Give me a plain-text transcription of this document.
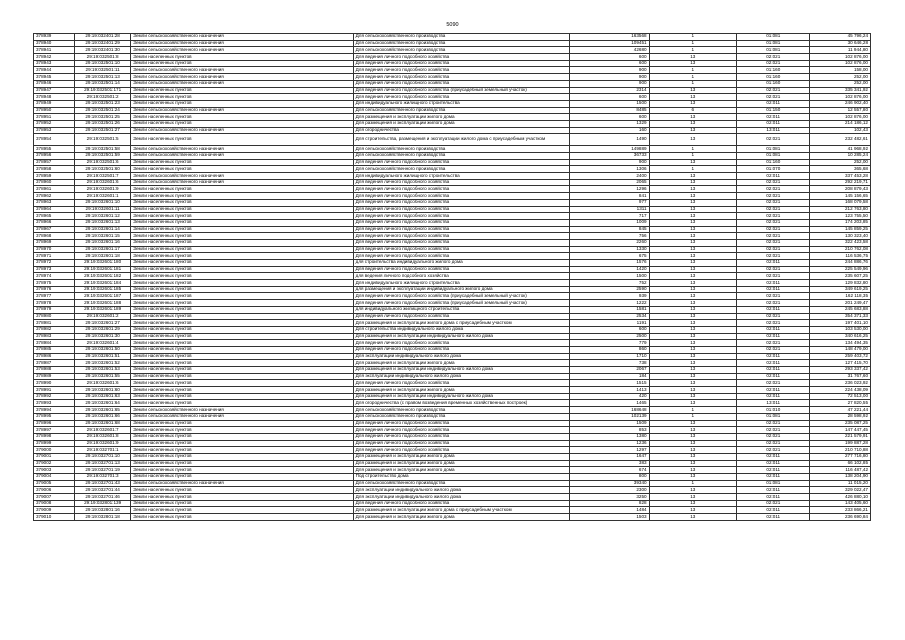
5090
378939	29:19:032401:28	Земли сельскохозяйственного назначения	Для сельскохозяйственного производства	163568	1	01:081	45 796,24
378940	29:19:032401:29	Земли сельскохозяйственного назначения	Для сельскохозяйственного производства	109451	1	01:081	30 646,28
378941	29:19:032401:30	Земли сельскохозяйственного назначения	Для сельскохозяйственного производства	42680	1	01:081	11 944,80
378942	29:19:032501:8	Земли населенных пунктов	Для ведения личного подсобного хозяйства	600	13	02:021	102 876,00
378943	29:19:032501:10	Земли населенных пунктов	Для ведения личного подсобного хозяйства	600	13	02:021	102 876,00
378944	29:19:032501:11	Земли сельскохозяйственного назначения	Для ведения личного подсобного хозяйства	900	1	01:160	158,00
378945	29:19:032501:13	Земли сельскохозяйственного назначения	Для ведения личного подсобного хозяйства	900	1	01:160	252,00
378946	29:19:032501:14	Земли сельскохозяйственного назначения	Для ведения личного подсобного хозяйства	900	1	01:160	252,00
378947	29:19:032501:171	Земли населенных пунктов	Для ведения личного подсобного хозяйства (приусадебный земельный участок)	2314	13	02:021	335 341,92
378948	29:19:032501:2	Земли населенных пунктов	Для ведения личного подсобного хозяйства	600	13	02:021	102 876,00
378949	29:19:032501:23	Земли населенных пунктов	Для индивидуального жилищного строительства	1500	13	02:011	246 902,40
378950	29:19:032501:24	Земли сельскохозяйственного назначения	Для сельскохозяйственного производства	8485	6	01:150	12 557,80
378951	29:19:032501:25	Земли населенных пунктов	Для размещения и эксплуатации жилого дома	600	13	02:011	102 876,00
378952	29:19:032501:26	Земли населенных пунктов	Для размещения и эксплуатации жилого дома	1329	13	02:011	214 186,12
378953	29:19:032501:27	Земли сельскохозяйственного назначения	Для огородничества	160	13	13:011	102,43
378954	29:19:032501:5	Земли населенных пунктов	Для строительства, размещения и эксплуатации жилого дома с приусадебным участком	1490	13	02:021	232 482,61
378955	29:19:032501:58	Земли сельскохозяйственного назначения	Для сельскохозяйственного производства	149889	1	01:081	41 968,92
378956	29:19:032501:59	Земли сельскохозяйственного назначения	Для сельскохозяйственного производства	36733	1	01:081	10 285,24
378957	29:19:032501:6	Земли населенных пунктов	Для ведения личного подсобного хозяйства	900	13	01:160	252,00
378958	29:19:032501:60	Земли населенных пунктов	Для сельскохозяйственного производства	1306	1	01:070	365,68
378959	29:19:032501:7	Земли сельскохозяйственного назначения	Для индивидуального жилищного строительства	2400	13	02:011	337 453,28
378960	29:19:032601:6	Земли сельскохозяйственного назначения	Для ведения личного подсобного хозяйства	2065	13	02:021	292 219,71
378961	29:19:032601:9	Земли населенных пунктов	Для ведения личного подсобного хозяйства	1296	13	02:021	208 879,43
378962	29:19:032601:1	Земли населенных пунктов	Для ведения личного подсобного хозяйства	841	13	02:021	145 156,65
378963	29:19:032601:10	Земли населенных пунктов	Для ведения личного подсобного хозяйства	977	13	02:021	168 079,58
378964	29:19:032601:11	Земли населенных пунктов	Для ведения личного подсобного хозяйства	1311	13	02:021	212 763,80
378965	29:19:032601:12	Земли населенных пунктов	Для ведения личного подсобного хозяйства	717	13	02:021	123 755,50
378966	29:19:032601:13	Земли населенных пунктов	Для ведения личного подсобного хозяйства	1009	13	02:021	174 203,85
378967	29:19:032601:14	Земли населенных пунктов	Для ведения личного подсобного хозяйства	845	13	02:021	145 859,25
378968	29:19:032601:15	Земли населенных пунктов	Для ведения личного подсобного хозяйства	756	13	02:021	130 323,40
378969	29:19:032601:16	Земли населенных пунктов	Для ведения личного подсобного хозяйства	2260	13	02:021	322 423,58
378970	29:19:032601:17	Земли населенных пунктов	Для ведения личного подсобного хозяйства	1330	13	02:021	210 762,08
378971	29:19:032601:18	Земли населенных пунктов	Для ведения личного подсобного хозяйства	675	13	02:021	116 536,75
378972	29:19:032601:180	Земли населенных пунктов	для строительства индивидуального жилого дома	1576	13	02:011	244 886,76
378973	29:19:032601:181	Земли населенных пунктов	Для ведения личного подсобного хозяйства	1420	13	02:021	225 549,96
378974	29:19:032601:182	Земли населенных пунктов	для ведения личного подсобного хозяйства	1500	13	02:021	235 607,25
378975	29:19:032601:184	Земли населенных пунктов	Для индивидуального жилищного строительства	752	13	02:011	129 832,80
378976	29:19:032601:185	Земли населенных пунктов	для размещения и эксплуатации индивидуального жилого дома	2590	13	02:011	349 619,25
378977	29:19:032601:187	Земли населенных пунктов	Для ведения личного подсобного хозяйства (приусадебный земельный участок)	939	13	02:021	162 118,35
378978	29:19:032601:188	Земли населенных пунктов	Для ведения личного подсобного хозяйства (приусадебный земельный участок)	1222	13	02:021	201 249,47
378979	29:19:032601:189	Земли населенных пунктов	для индивидуального жилищного строительства	1581	13	02:011	245 683,88
378980	29:19:032601:2	Земли населенных пунктов	Для ведения личного подсобного хозяйства	2534	13	02:021	354 371,33
378981	29:19:032601:27	Земли населенных пунктов	Для размещения и эксплуатации жилого дома с приусадебным участком	1191	13	02:021	197 401,10
378982	29:19:032601:29	Земли населенных пунктов	Для строительства индивидуального жилого дома	600	13	02:011	103 530,00
378983	29:19:032601:30	Земли населенных пунктов	Для размещения и эксплуатации индивидуального жилого дома	2500	13	02:011	340 616,25
378984	29:19:032601:4	Земли населенных пунктов	Для ведения личного подсобного хозяйства	779	13	02:021	134 494,35
378985	29:19:032601:50	Земли населенных пунктов	Для ведения личного подсобного хозяйства	860	13	02:021	148 479,00
378986	29:19:032601:51	Земли населенных пунктов	Для эксплуатации индивидуального жилого дома	1710	13	02:011	259 403,72
378987	29:19:032601:52	Земли населенных пунктов	Для размещения и эксплуатации жилого дома	738	13	02:011	127 415,70
378988	29:19:032601:53	Земли населенных пунктов	Для размещения и эксплуатации индивидуального жилого дома	2067	13	02:011	293 337,42
378989	29:19:032601:55	Земли населенных пунктов	Для эксплуатации индивидуального жилого дома	184	13	02:011	31 767,60
378990	29:19:032601:6	Земли населенных пунктов	Для ведения личного подсобного хозяйства	1515	13	02:021	236 023,92
378991	29:19:032601:60	Земли населенных пунктов	Для размещения и эксплуатации жилого дома	1413	13	02:011	224 438,09
378992	29:19:032601:63	Земли населенных пунктов	Для размещения и эксплуатации индивидуального жилого дома	420	13	02:011	72 513,00
378993	29:19:032601:64	Земли населенных пунктов	Для огородничества (с правом возведения временных хозяйственных построек)	1465	13	13:011	27 820,55
378994	29:19:032601:65	Земли сельскохозяйственного назначения	Для сельскохозяйственного производства	168648	1	01:010	47 221,44
378995	29:19:032601:66	Земли сельскохозяйственного назначения	Для сельскохозяйственного производства	102139	1	01:081	28 598,92
378996	29:19:032601:68	Земли населенных пунктов	Для ведения личного подсобного хозяйства	1509	13	02:021	235 087,25
378997	29:19:032601:7	Земли населенных пунктов	Для ведения личного подсобного хозяйства	853	13	02:021	147 447,45
378998	29:19:032601:8	Земли населенных пунктов	Для ведения личного подсобного хозяйства	1380	13	02:021	221 579,91
378999	29:19:032601:9	Земли населенных пунктов	Для ведения личного подсобного хозяйства	1236	13	02:021	199 887,28
379000	29:19:032701:1	Земли населенных пунктов	Для ведения личного подсобного хозяйства	1297	13	02:021	210 710,88
379001	29:19:032701:10	Земли населенных пунктов	Для размещения и эксплуатации жилого дома	1647	13	02:011	277 716,80
379002	29:19:032701:13	Земли населенных пунктов	Для размещения и эксплуатации жилого дома	383	13	02:011	66 102,85
379003	29:19:032701:19	Земли населенных пунктов	Для размещения и эксплуатации жилого дома	674	13	02:011	116 487,42
379004	29:19:032701:3	Земли населенных пунктов	Под строительство дома	800	13	02:011	138 204,90
379005	29:19:032701:43	Земли сельскохозяйственного назначения	Для сельскохозяйственного производства	39340	1	01:081	11 015,20
379006	29:19:032701:44	Земли населенных пунктов	Для эксплуатации индивидуального жилого дома	2300	13	02:011	329 022,47
379007	29:19:032701:46	Земли населенных пунктов	Для эксплуатации индивидуального жилого дома	3250	13	02:011	426 880,10
379008	29:19:032801:139	Земли населенных пунктов	Для ведения личного подсобного хозяйства	828	13	02:021	143 405,60
379009	29:19:032801:16	Земли населенных пунктов	Для размещения и эксплуатации жилого дома с приусадебным участком	1484	13	02:011	233 866,21
379010	29:19:032801:18	Земли населенных пунктов	Для размещения и эксплуатации жилого дома	1503	13	02:011	236 690,84
